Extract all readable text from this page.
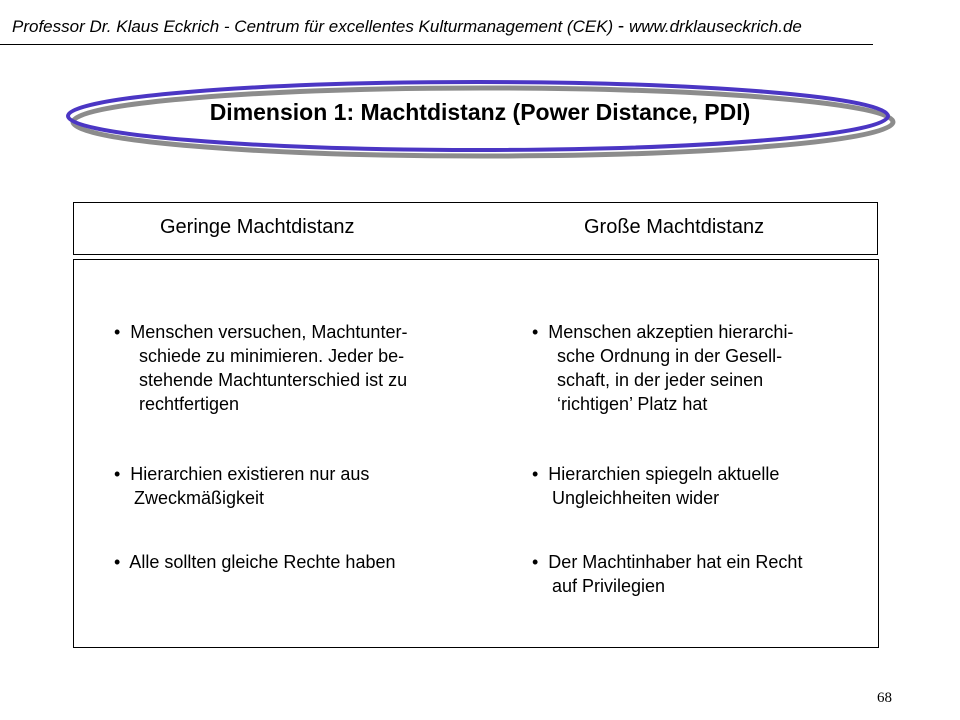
Professor Dr. Klaus Eckrich - Centrum für excellentes Kulturmanagement (CEK) - www.drklauseckrich.de
Dimension 1: Machtdistanz (Power Distance, PDI)
Geringe Machtdistanz	Große Machtdistanz
•  Menschen versuchen, Machtunter-
schiede zu minimieren. Jeder be-
stehende Machtunterschied ist zu
rechtfertigen
•  Hierarchien existieren nur aus
Zweckmäßigkeit
•  Alle sollten gleiche Rechte haben
•  Menschen akzeptien hierarchi-
sche Ordnung in der Gesell-
schaft, in der jeder seinen
‘richtigen’ Platz hat
•  Hierarchien spiegeln aktuelle
Ungleichheiten wider
•  Der Machtinhaber hat ein Recht
auf Privilegien
68
